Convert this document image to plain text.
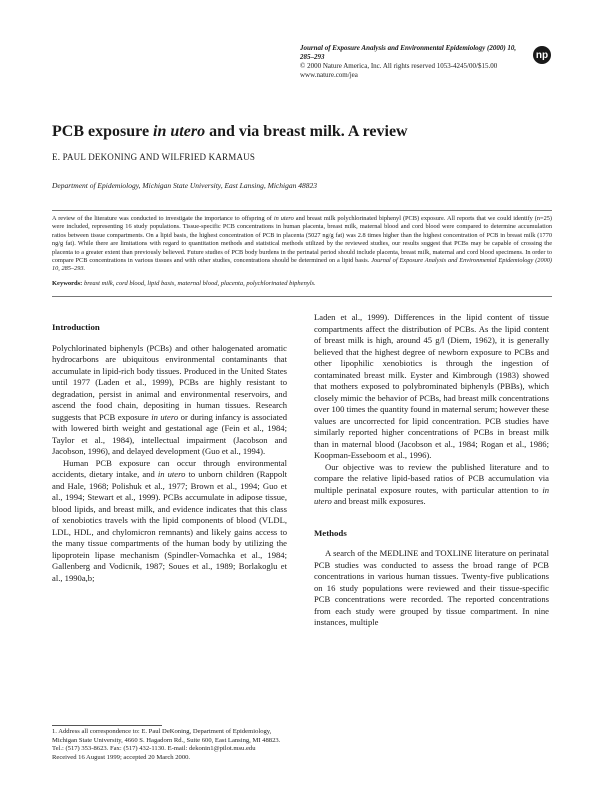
Journal of Exposure Analysis and Environmental Epidemiology (2000) 10, 285–293
© 2000 Nature America, Inc. All rights reserved 1053-4245/00/$15.00
www.nature.com/jea
np
PCB exposure in utero and via breast milk. A review
E. PAUL DEKONING AND WILFRIED KARMAUS
Department of Epidemiology, Michigan State University, East Lansing, Michigan 48823
A review of the literature was conducted to investigate the importance to offspring of in utero and breast milk polychlorinated biphenyl (PCB) exposure. All reports that we could identify (n=25) were included, representing 16 study populations. Tissue-specific PCB concentrations in human placenta, breast milk, maternal blood and cord blood were compared to determine accumulation ratios between tissue compartments. On a lipid basis, the highest concentration of PCB in placenta (5027 ng/g fat) was 2.8 times higher than the highest concentration of PCB in breast milk (1770 ng/g fat). While there are limitations with regard to quantitation methods and statistical methods utilized by the reviewed studies, our results suggest that PCBs may be capable of crossing the placenta to a greater extent than previously believed. Future studies of PCB body burdens in the perinatal period should include placenta, breast milk, maternal and cord blood specimens. In order to compare PCB concentrations in various tissues and with other studies, concentrations should be determined on a lipid basis. Journal of Exposure Analysis and Environmental Epidemiology (2000) 10, 285–293.
Keywords: breast milk, cord blood, lipid basis, maternal blood, placenta, polychlorinated biphenyls.
Introduction

Polychlorinated biphenyls (PCBs) and other halogenated aromatic hydrocarbons are ubiquitous environmental contaminants that accumulate in lipid-rich body tissues. Produced in the United States until 1977 (Laden et al., 1999), PCBs are highly resistant to degradation, persist in animal and environmental reservoirs, and ascend the food chain, depositing in human tissues. Research suggests that PCB exposure in utero or during infancy is associated with lowered birth weight and gestational age (Fein et al., 1984; Taylor et al., 1984), intellectual impairment (Jacobson and Jacobson, 1996), and delayed development (Guo et al., 1994).

Human PCB exposure can occur through environmental accidents, dietary intake, and in utero to unborn children (Rappolt and Hale, 1968; Polishuk et al., 1977; Brown et al., 1994; Guo et al., 1994; Stewart et al., 1999). PCBs accumulate in adipose tissue, blood lipids, and breast milk, and evidence indicates that this class of xenobiotics travels with the lipid components of blood (VLDL, LDL, HDL, and chylomicron remnants) and likely gains access to the many tissue compartments of the human body by utilizing the lipoprotein lipase mechanism (Spindler-Vomachka et al., 1984; Gallenberg and Vodicnik, 1987; Soues et al., 1989; Borlakoglu et al., 1990a,b;

Laden et al., 1999). Differences in the lipid content of tissue compartments affect the distribution of PCBs. As the lipid content of breast milk is high, around 45 g/l (Diem, 1962), it is generally believed that the highest degree of newborn exposure to PCBs and other lipophilic xenobiotics is through the ingestion of contaminated breast milk. Eyster and Kimbrough (1983) showed that mothers exposed to polybrominated biphenyls (PBBs), which closely mimic the behavior of PCBs, had breast milk concentrations over 100 times the quantity found in maternal serum; however these values are uncorrected for lipid concentration. PCB studies have similarly reported higher concentrations of PCBs in breast milk than in maternal blood (Jacobson et al., 1984; Rogan et al., 1986; Koopman-Esseboom et al., 1996).

Our objective was to review the published literature and to compare the relative lipid-based ratios of PCB accumulation via multiple perinatal exposure routes, with particular attention to in utero and breast milk exposures.

Methods

A search of the MEDLINE and TOXLINE literature on perinatal PCB studies was conducted to assess the broad range of PCB concentrations in various human tissues. Twenty-five publications on 16 study populations were reviewed and their tissue-specific PCB concentrations were recorded. The reported concentrations from each study were grouped by tissue compartment. In nine instances, multiple

1. Address all correspondence to: E. Paul DeKoning, Department of Epidemiology, Michigan State University, 4660 S. Hagadorn Rd., Suite 600, East Lansing, MI 48823. Tel.: (517) 353-8623. Fax: (517) 432-1130. E-mail: dekonin1@pilot.msu.edu
Received 16 August 1999; accepted 20 March 2000.
